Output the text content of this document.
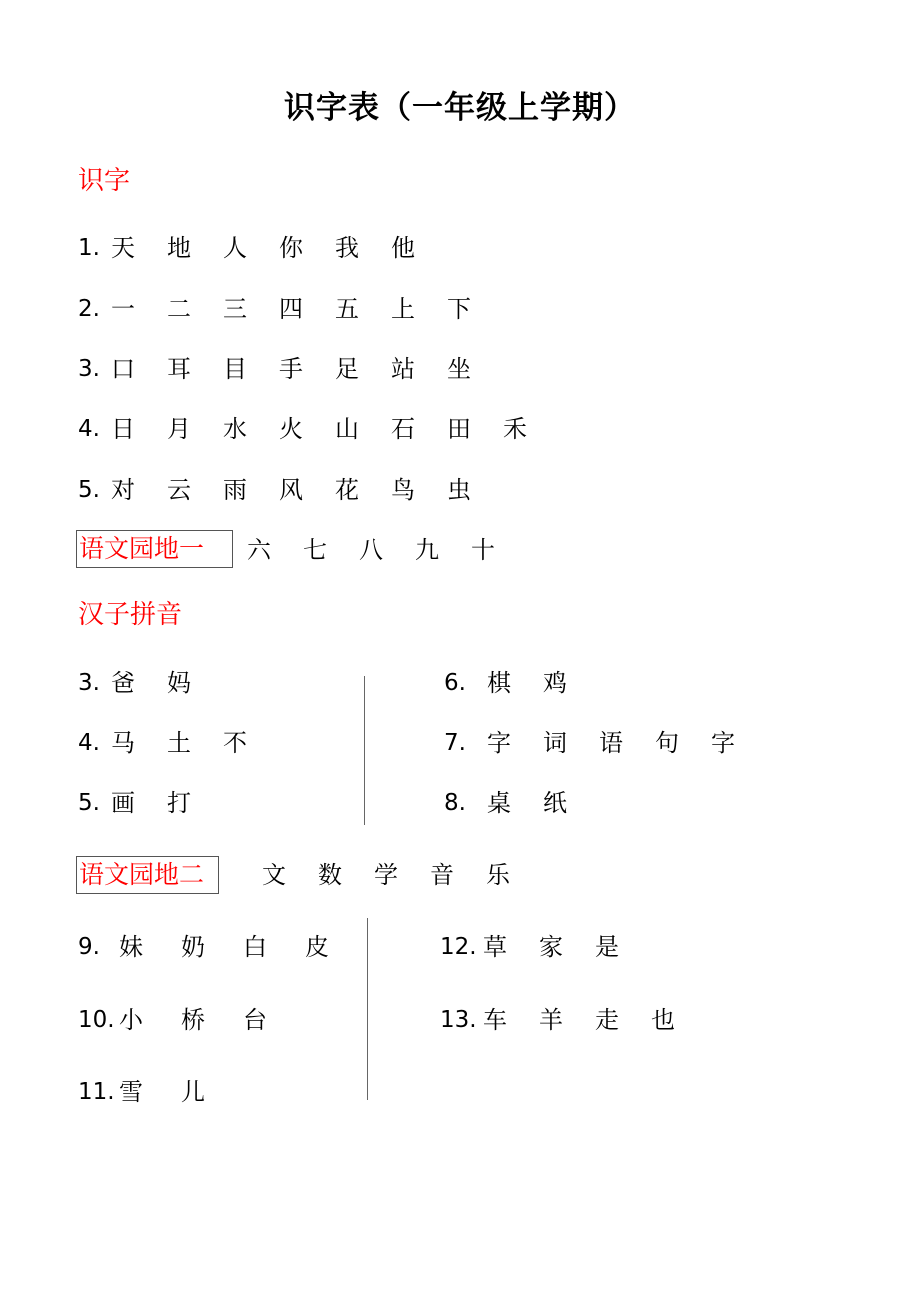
识字表（一年级上学期）
识字
1. 天 地 人 你 我 他
2. 一 二 三 四 五 上 下
3. 口 耳 目 手 足 站 坐
4. 日 月 水 火 山 石 田 禾
5. 对 云 雨 风 花 鸟 虫
语文园地一	六 七 八 九 十
汉子拼音
3. 爸 妈
4. 马 土 不
5. 画 打
6. 棋 鸡
7. 字 词 语 句 字
8. 桌 纸
语文园地二	文 数 学 音 乐
9. 妹 奶 白 皮
10. 小 桥 台
11. 雪 儿
12. 草 家 是
13. 车 羊 走 也
